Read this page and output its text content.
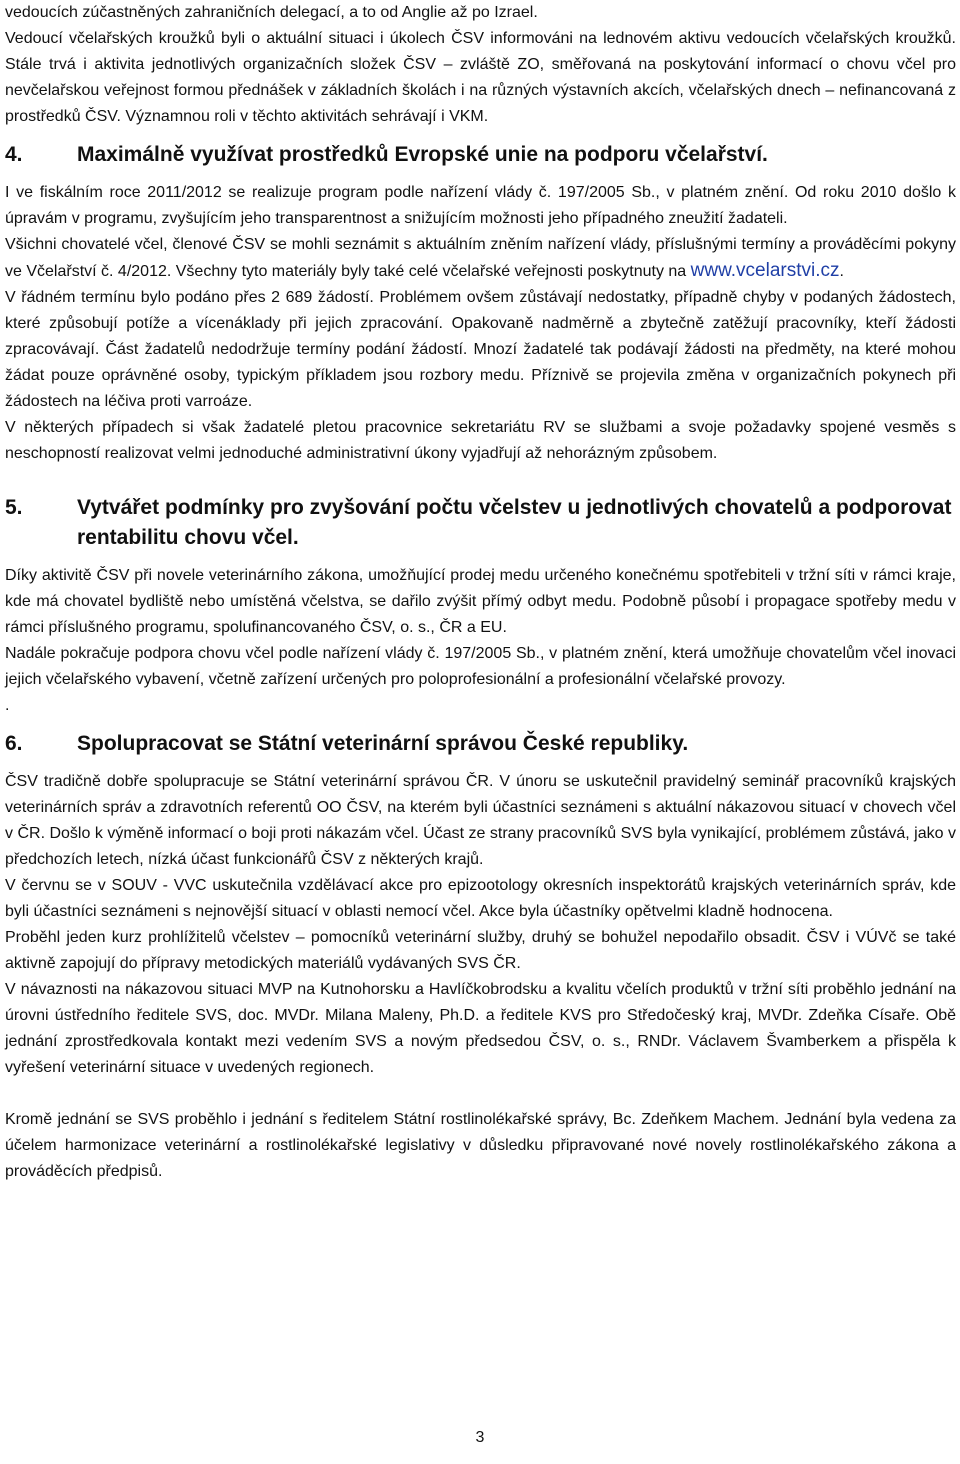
vedoucích zúčastněných zahraničních delegací, a to od Anglie až po Izrael.

Vedoucí včelařských kroužků byli o aktuální situaci i úkolech ČSV informováni na lednovém aktivu vedoucích včelařských kroužků. Stále trvá i aktivita jednotlivých organizačních složek ČSV – zvláště ZO, směřovaná na poskytování informací o chovu včel pro nevčelařskou veřejnost formou přednášek v základních školách i na různých výstavních akcích, včelařských dnech – nefinancovaná z prostředků ČSV. Významnou roli v těchto aktivitách sehrávají i VKM.

4.	Maximálně využívat prostředků Evropské unie na podporu včelařství.

I ve fiskálním roce 2011/2012 se realizuje program podle nařízení vlády č. 197/2005 Sb., v platném znění. Od roku 2010 došlo k úpravám v programu, zvyšujícím jeho transparentnost a snižujícím možnosti jeho případného zneužití žadateli.

Všichni chovatelé včel, členové ČSV se mohli seznámit s aktuálním zněním nařízení vlády, příslušnými termíny a prováděcími pokyny ve Včelařství č. 4/2012. Všechny tyto materiály byly také celé včelařské veřejnosti poskytnuty na www.vcelarstvi.cz.

V řádném termínu bylo podáno přes 2 689 žádostí. Problémem ovšem zůstávají nedostatky, případně chyby v podaných žádostech, které způsobují potíže a vícenáklady při jejich zpracování. Opakovaně nadměrně a zbytečně zatěžují pracovníky, kteří žádosti zpracovávají. Část žadatelů nedodržuje termíny podání žádostí. Mnozí žadatelé tak podávají žádosti na předměty, na které mohou žádat pouze oprávněné osoby, typickým příkladem jsou rozbory medu. Příznivě se projevila změna v organizačních pokynech při žádostech na léčiva proti varroáze.

V některých případech si však žadatelé pletou pracovnice sekretariátu RV se službami a svoje požadavky spojené vesměs s neschopností realizovat velmi jednoduché administrativní úkony vyjadřují až nehorázným způsobem.

5.	Vytvářet podmínky pro zvyšování počtu včelstev u jednotlivých chovatelů a podporovat rentabilitu chovu včel.

Díky aktivitě ČSV při novele veterinárního zákona, umožňující prodej medu určeného konečnému spotřebiteli v tržní síti v rámci kraje, kde má chovatel bydliště nebo umístěná včelstva, se dařilo zvýšit přímý odbyt medu. Podobně působí i propagace spotřeby medu v rámci příslušného programu, spolufinancovaného ČSV, o. s., ČR a EU.

Nadále pokračuje podpora chovu včel podle nařízení vlády č. 197/2005 Sb., v platném znění, která umožňuje chovatelům včel inovaci jejich včelařského vybavení, včetně zařízení určených pro poloprofesionální a profesionální včelařské provozy.

.

6.	Spolupracovat se Státní veterinární správou České republiky.

ČSV tradičně dobře spolupracuje se Státní veterinární správou ČR. V únoru se uskutečnil pravidelný seminář pracovníků krajských veterinárních správ a zdravotních referentů OO ČSV, na kterém byli účastníci seznámeni s aktuální nákazovou situací v chovech včel v ČR. Došlo k výměně informací o boji proti nákazám včel. Účast ze strany pracovníků SVS byla vynikající, problémem zůstává, jako v předchozích letech, nízká účast funkcionářů ČSV z některých krajů.

V červnu se v SOUV - VVC uskutečnila vzdělávací akce pro epizootology okresních inspektorátů krajských veterinárních správ, kde byli účastníci seznámeni s nejnovější situací v oblasti nemocí včel. Akce byla účastníky opětvelmi kladně hodnocena.

Proběhl jeden kurz prohlížitelů včelstev – pomocníků veterinární služby, druhý se bohužel nepodařilo obsadit. ČSV i VÚVč se také aktivně zapojují do přípravy metodických materiálů vydávaných SVS ČR.

V návaznosti na nákazovou situaci MVP na Kutnohorsku a Havlíčkobrodsku a kvalitu včelích produktů v tržní síti proběhlo jednání na úrovni ústředního ředitele SVS, doc. MVDr. Milana Maleny, Ph.D. a ředitele KVS pro Středočeský kraj, MVDr. Zdeňka Císaře. Obě jednání zprostředkovala kontakt mezi vedením SVS a novým předsedou ČSV, o. s., RNDr. Václavem Švamberkem a přispěla k vyřešení veterinární situace v uvedených regionech.

Kromě jednání se SVS proběhlo i jednání s ředitelem Státní rostlinolékařské správy, Bc. Zdeňkem Machem. Jednání byla vedena za účelem harmonizace veterinární a rostlinolékařské legislativy v důsledku připravované nové novely rostlinolékařského zákona a prováděcích předpisů.

3
